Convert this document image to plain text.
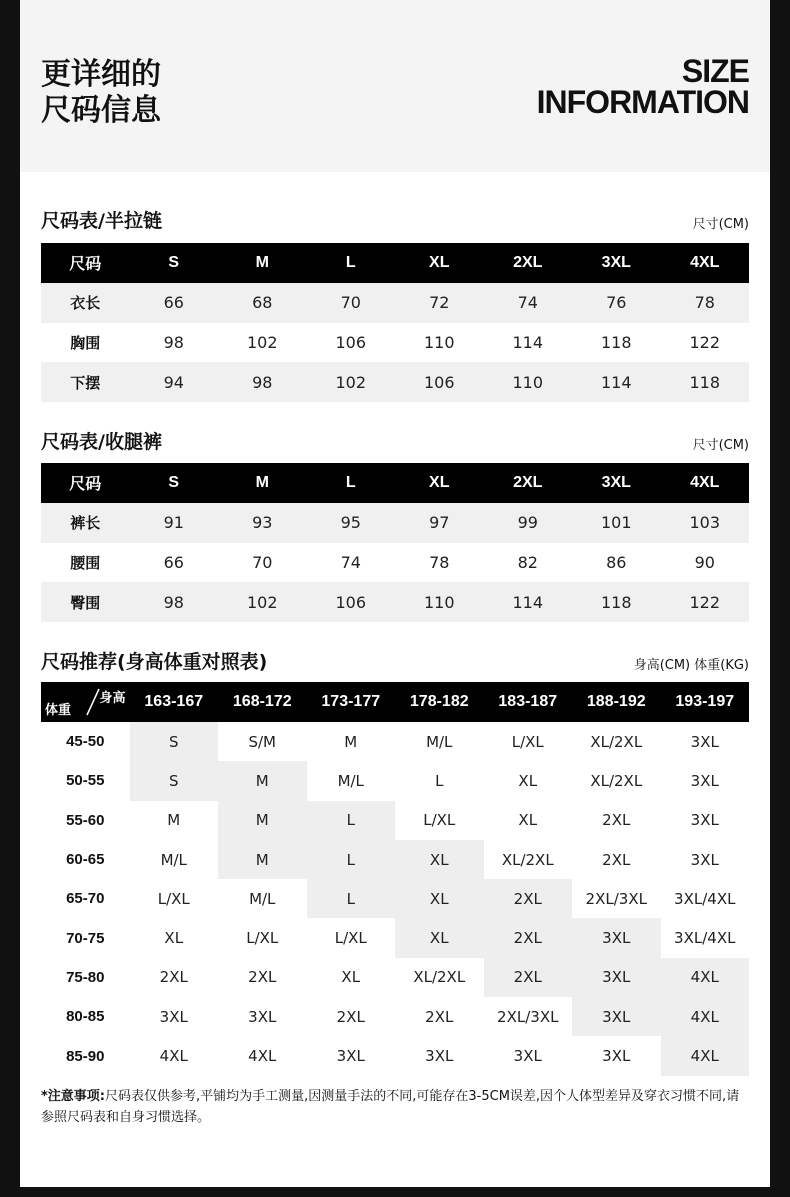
更详细的
尺码信息
SIZE
INFORMATION
尺码表/半拉链	尺寸(CM)
尺码	S	M	L	XL	2XL	3XL	4XL
衣长	66	68	70	72	74	76	78
胸围	98	102	106	110	114	118	122
下摆	94	98	102	106	110	114	118
尺码表/收腿裤	尺寸(CM)
尺码	S	M	L	XL	2XL	3XL	4XL
裤长	91	93	95	97	99	101	103
腰围	66	70	74	78	82	86	90
臀围	98	102	106	110	114	118	122
尺码推荐(身高体重对照表)	身高(CM) 体重(KG)
身高
体重	163-167	168-172	173-177	178-182	183-187	188-192	193-197
45-50	S	S/M	M	M/L	L/XL	XL/2XL	3XL
50-55	S	M	M/L	L	XL	XL/2XL	3XL
55-60	M	M	L	L/XL	XL	2XL	3XL
60-65	M/L	M	L	XL	XL/2XL	2XL	3XL
65-70	L/XL	M/L	L	XL	2XL	2XL/3XL	3XL/4XL
70-75	XL	L/XL	L/XL	XL	2XL	3XL	3XL/4XL
75-80	2XL	2XL	XL	XL/2XL	2XL	3XL	4XL
80-85	3XL	3XL	2XL	2XL	2XL/3XL	3XL	4XL
85-90	4XL	4XL	3XL	3XL	3XL	3XL	4XL
*注意事项:尺码表仅供参考,平铺均为手工测量,因测量手法的不同,可能存在3-5CM误差,因个人体型差异及穿衣习惯不同,请参照尺码表和自身习惯选择。
